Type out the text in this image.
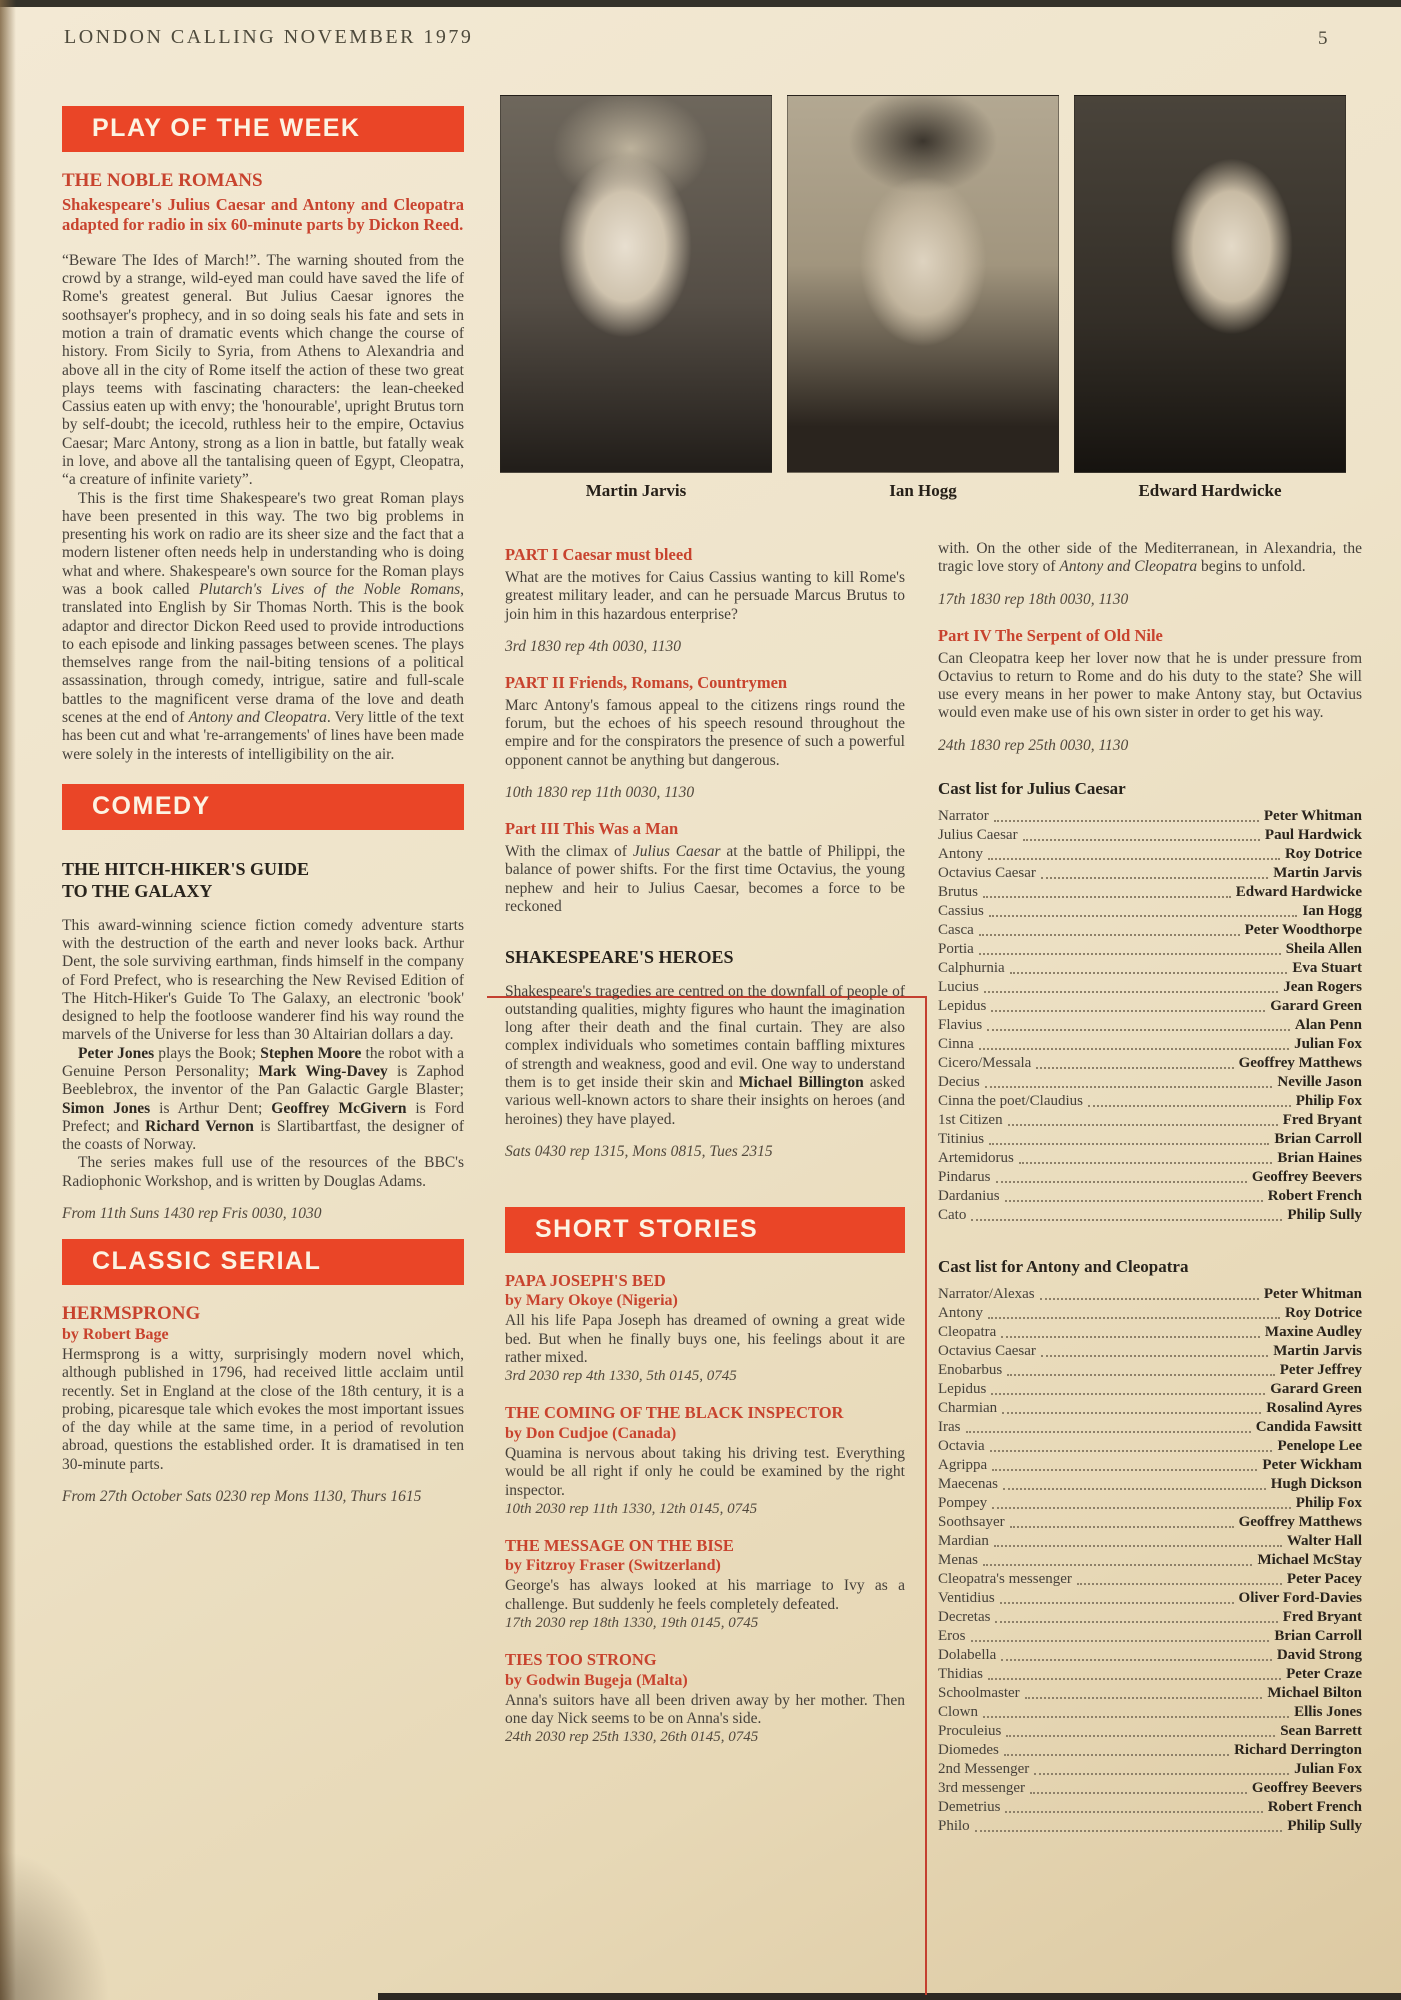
LONDON CALLING NOVEMBER 1979	5
Martin Jarvis	Ian Hogg	Edward Hardwicke
PLAY OF THE WEEK
THE NOBLE ROMANS

Shakespeare's Julius Caesar and Antony and Cleopatra adapted for radio in six 60-minute parts by Dickon Reed.

“Beware The Ides of March!”. The warning shouted from the crowd by a strange, wild-eyed man could have saved the life of Rome's greatest general. But Julius Caesar ignores the soothsayer's prophecy, and in so doing seals his fate and sets in motion a train of dramatic events which change the course of history. From Sicily to Syria, from Athens to Alexandria and above all in the city of Rome itself the action of these two great plays teems with fascinating characters: the lean-cheeked Cassius eaten up with envy; the 'honourable', upright Brutus torn by self-doubt; the icecold, ruthless heir to the empire, Octavius Caesar; Marc Antony, strong as a lion in battle, but fatally weak in love, and above all the tantalising queen of Egypt, Cleopatra, “a creature of infinite variety”.

This is the first time Shakespeare's two great Roman plays have been presented in this way. The two big problems in presenting his work on radio are its sheer size and the fact that a modern listener often needs help in understanding who is doing what and where. Shakespeare's own source for the Roman plays was a book called Plutarch's Lives of the Noble Romans, translated into English by Sir Thomas North. This is the book adaptor and director Dickon Reed used to provide introductions to each episode and linking passages between scenes. The plays themselves range from the nail-biting tensions of a political assassination, through comedy, intrigue, satire and full-scale battles to the magnificent verse drama of the love and death scenes at the end of Antony and Cleopatra. Very little of the text has been cut and what 're-arrangements' of lines have been made were solely in the interests of intelligibility on the air.

COMEDY
THE HITCH-HIKER'S GUIDE TO THE GALAXY

This award-winning science fiction comedy adventure starts with the destruction of the earth and never looks back. Arthur Dent, the sole surviving earthman, finds himself in the company of Ford Prefect, who is researching the New Revised Edition of The Hitch-Hiker's Guide To The Galaxy, an electronic 'book' designed to help the footloose wanderer find his way round the marvels of the Universe for less than 30 Altairian dollars a day.

Peter Jones plays the Book; Stephen Moore the robot with a Genuine Person Personality; Mark Wing-Davey is Zaphod Beeblebrox, the inventor of the Pan Galactic Gargle Blaster; Simon Jones is Arthur Dent; Geoffrey McGivern is Ford Prefect; and Richard Vernon is Slartibartfast, the designer of the coasts of Norway.

The series makes full use of the resources of the BBC's Radiophonic Workshop, and is written by Douglas Adams.

From 11th Suns 1430 rep Fris 0030, 1030

CLASSIC SERIAL
HERMSPRONG
by Robert Bage

Hermsprong is a witty, surprisingly modern novel which, although published in 1796, had received little acclaim until recently. Set in England at the close of the 18th century, it is a probing, picaresque tale which evokes the most important issues of the day while at the same time, in a period of revolution abroad, questions the established order. It is dramatised in ten 30-minute parts.

From 27th October Sats 0230 rep Mons 1130, Thurs 1615

PART I Caesar must bleed

What are the motives for Caius Cassius wanting to kill Rome's greatest military leader, and can he persuade Marcus Brutus to join him in this hazardous enterprise?

3rd 1830 rep 4th 0030, 1130

PART II Friends, Romans, Countrymen

Marc Antony's famous appeal to the citizens rings round the forum, but the echoes of his speech resound throughout the empire and for the conspirators the presence of such a powerful opponent cannot be anything but dangerous.

10th 1830 rep 11th 0030, 1130

Part III This Was a Man

With the climax of Julius Caesar at the battle of Philippi, the balance of power shifts. For the first time Octavius, the young nephew and heir to Julius Caesar, becomes a force to be reckoned

SHAKESPEARE'S HEROES

Shakespeare's tragedies are centred on the downfall of people of outstanding qualities, mighty figures who haunt the imagination long after their death and the final curtain. They are also complex individuals who sometimes contain baffling mixtures of strength and weakness, good and evil. One way to understand them is to get inside their skin and Michael Billington asked various well-known actors to share their insights on heroes (and heroines) they have played.

Sats 0430 rep 1315, Mons 0815, Tues 2315

SHORT STORIES
PAPA JOSEPH'S BED
by Mary Okoye (Nigeria)

All his life Papa Joseph has dreamed of owning a great wide bed. But when he finally buys one, his feelings about it are rather mixed.

3rd 2030 rep 4th 1330, 5th 0145, 0745

THE COMING OF THE BLACK INSPECTOR
by Don Cudjoe (Canada)

Quamina is nervous about taking his driving test. Everything would be all right if only he could be examined by the right inspector.

10th 2030 rep 11th 1330, 12th 0145, 0745

THE MESSAGE ON THE BISE
by Fitzroy Fraser (Switzerland)

George's has always looked at his marriage to Ivy as a challenge. But suddenly he feels completely defeated.

17th 2030 rep 18th 1330, 19th 0145, 0745

TIES TOO STRONG
by Godwin Bugeja (Malta)

Anna's suitors have all been driven away by her mother. Then one day Nick seems to be on Anna's side.

24th 2030 rep 25th 1330, 26th 0145, 0745

with. On the other side of the Mediterranean, in Alexandria, the tragic love story of Antony and Cleopatra begins to unfold.

17th 1830 rep 18th 0030, 1130

Part IV The Serpent of Old Nile

Can Cleopatra keep her lover now that he is under pressure from Octavius to return to Rome and do his duty to the state? She will use every means in her power to make Antony stay, but Octavius would even make use of his own sister in order to get his way.

24th 1830 rep 25th 0030, 1130

Cast list for Julius Caesar
Narrator	Peter Whitman
Julius Caesar	Paul Hardwick
Antony	Roy Dotrice
Octavius Caesar	Martin Jarvis
Brutus	Edward Hardwicke
Cassius	Ian Hogg
Casca	Peter Woodthorpe
Portia	Sheila Allen
Calphurnia	Eva Stuart
Lucius	Jean Rogers
Lepidus	Garard Green
Flavius	Alan Penn
Cinna	Julian Fox
Cicero/Messala	Geoffrey Matthews
Decius	Neville Jason
Cinna the poet/Claudius	Philip Fox
1st Citizen	Fred Bryant
Titinius	Brian Carroll
Artemidorus	Brian Haines
Pindarus	Geoffrey Beevers
Dardanius	Robert French
Cato	Philip Sully
Cast list for Antony and Cleopatra
Narrator/Alexas	Peter Whitman
Antony	Roy Dotrice
Cleopatra	Maxine Audley
Octavius Caesar	Martin Jarvis
Enobarbus	Peter Jeffrey
Lepidus	Garard Green
Charmian	Rosalind Ayres
Iras	Candida Fawsitt
Octavia	Penelope Lee
Agrippa	Peter Wickham
Maecenas	Hugh Dickson
Pompey	Philip Fox
Soothsayer	Geoffrey Matthews
Mardian	Walter Hall
Menas	Michael McStay
Cleopatra's messenger	Peter Pacey
Ventidius	Oliver Ford-Davies
Decretas	Fred Bryant
Eros	Brian Carroll
Dolabella	David Strong
Thidias	Peter Craze
Schoolmaster	Michael Bilton
Clown	Ellis Jones
Proculeius	Sean Barrett
Diomedes	Richard Derrington
2nd Messenger	Julian Fox
3rd messenger	Geoffrey Beevers
Demetrius	Robert French
Philo	Philip Sully
